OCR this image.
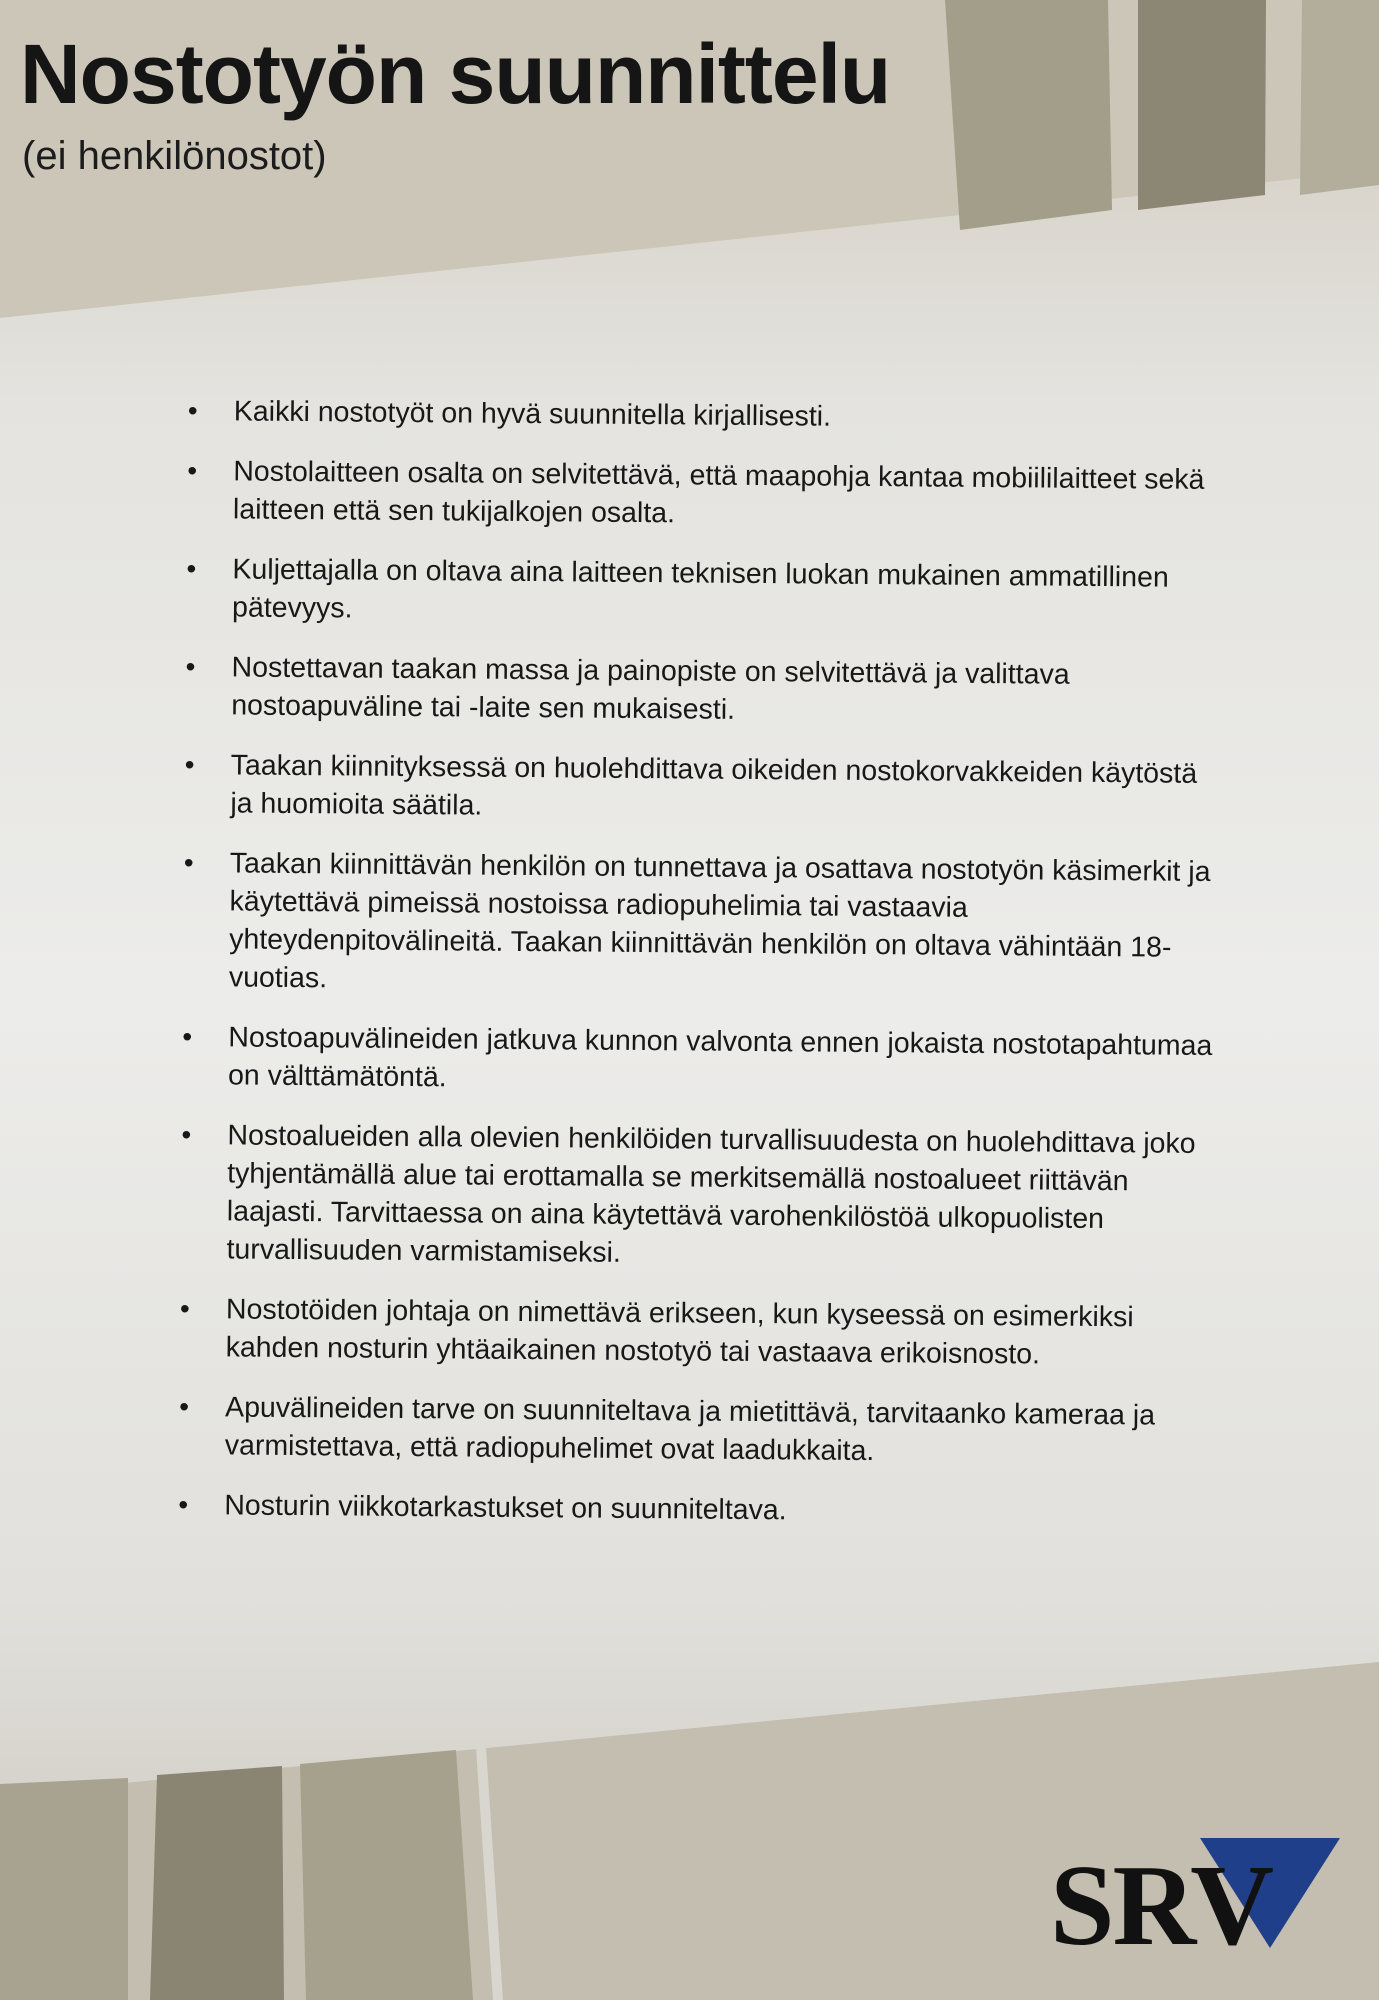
Nostotyön suunnittelu
(ei henkilönostot)
• Kaikki nostotyöt on hyvä suunnitella kirjallisesti.
• Nostolaitteen osalta on selvitettävä, että maapohja kantaa mobiililaitteet sekä laitteen että sen tukijalkojen osalta.
• Kuljettajalla on oltava aina laitteen teknisen luokan mukainen ammatillinen pätevyys.
• Nostettavan taakan massa ja painopiste on selvitettävä ja valittava nostoapuväline tai -laite sen mukaisesti.
• Taakan kiinnityksessä on huolehdittava oikeiden nostokorvakkeiden käytöstä ja huomioita säätila.
• Taakan kiinnittävän henkilön on tunnettava ja osattava nostotyön käsimerkit ja käytettävä pimeissä nostoissa radiopuhelimia tai vastaavia yhteydenpitovälineitä. Taakan kiinnittävän henkilön on oltava vähintään 18-vuotias.
• Nostoapuvälineiden jatkuva kunnon valvonta ennen jokaista nostotapahtumaa on välttämätöntä.
• Nostoalueiden alla olevien henkilöiden turvallisuudesta on huolehdittava joko tyhjentämällä alue tai erottamalla se merkitsemällä nostoalueet riittävän laajasti. Tarvittaessa on aina käytettävä varohenkilöstöä ulkopuolisten turvallisuuden varmistamiseksi.
• Nostotöiden johtaja on nimettävä erikseen, kun kyseessä on esimerkiksi kahden nosturin yhtäaikainen nostotyö tai vastaava erikoisnosto.
• Apuvälineiden tarve on suunniteltava ja mietittävä, tarvitaanko kameraa ja varmistettava, että radiopuhelimet ovat laadukkaita.
• Nosturin viikkotarkastukset on suunniteltava.
SRV
